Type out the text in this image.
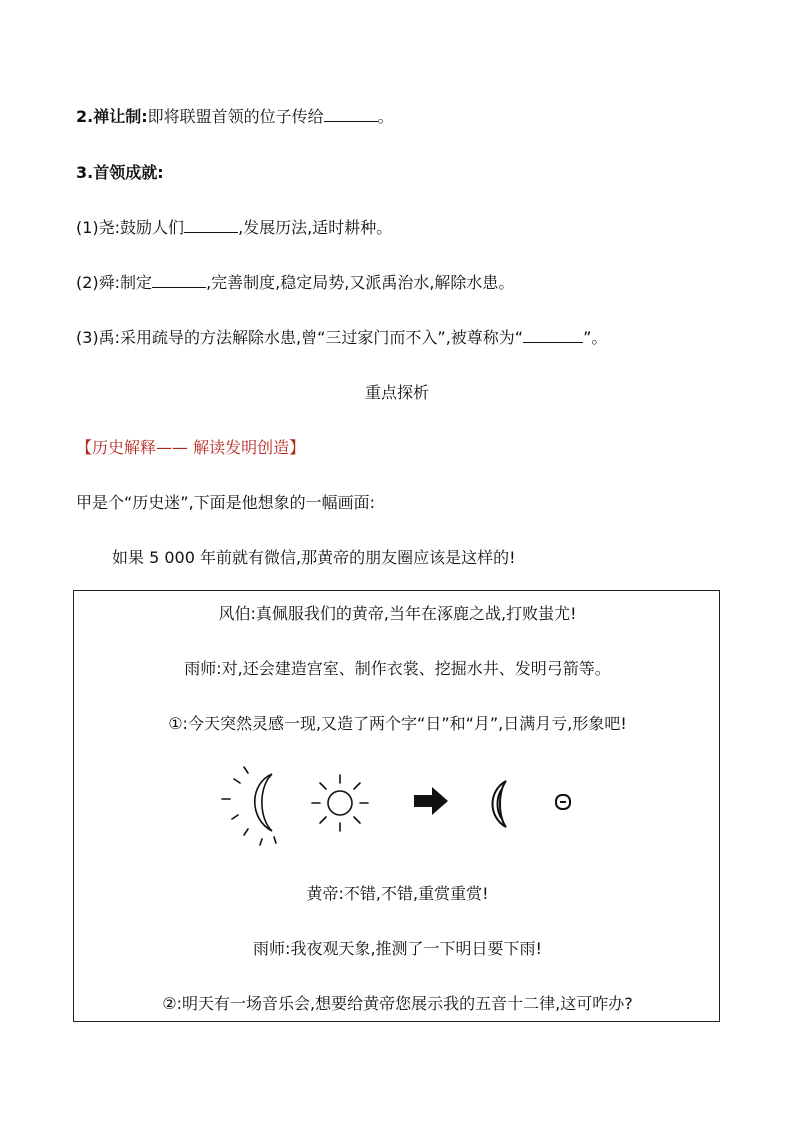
2.禅让制:即将联盟首领的位子传给	。
3.首领成就:
(1)尧:鼓励人们	,发展历法,适时耕种。
(2)舜:制定	,完善制度,稳定局势,又派禹治水,解除水患。
(3)禹:采用疏导的方法解除水患,曾“三过家门而不入”,被尊称为“	”。
重点探析
【历史解释—— 解读发明创造】
甲是个“历史迷”,下面是他想象的一幅画面:
如果 5 000 年前就有微信,那黄帝的朋友圈应该是这样的!
风伯:真佩服我们的黄帝,当年在涿鹿之战,打败蚩尤!
雨师:对,还会建造宫室、制作衣裳、挖掘水井、发明弓箭等。
①:今天突然灵感一现,又造了两个字“日”和“月”,日满月亏,形象吧!
黄帝:不错,不错,重赏重赏!
雨师:我夜观天象,推测了一下明日要下雨!
②:明天有一场音乐会,想要给黄帝您展示我的五音十二律,这可咋办?
